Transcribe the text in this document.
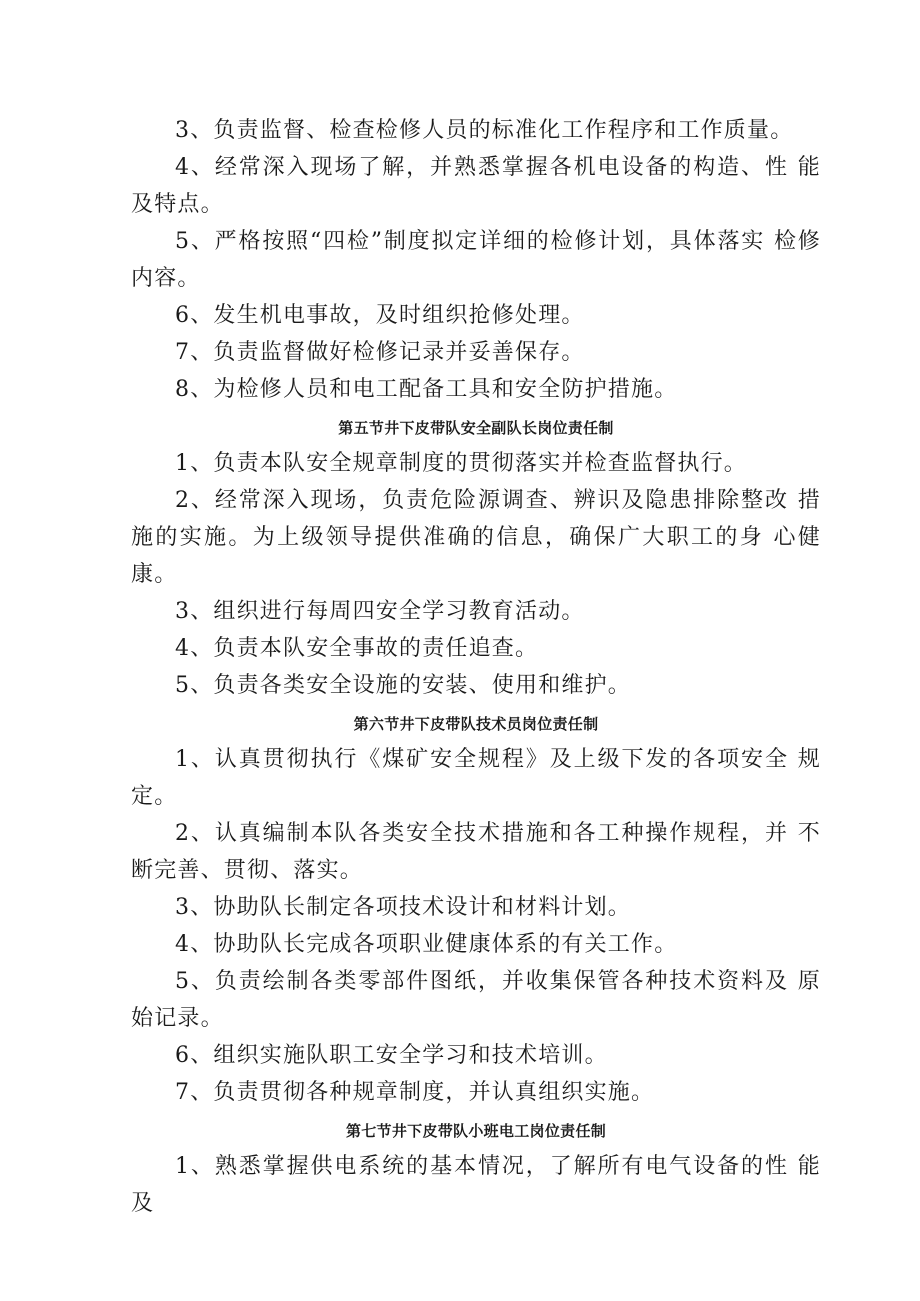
3、负责监督、检查检修人员的标准化工作程序和工作质量。

4、经常深入现场了解，并熟悉掌握各机电设备的构造、性 能及特点。

5、严格按照“四检”制度拟定详细的检修计划，具体落实 检修内容。

6、发生机电事故，及时组织抢修处理。

7、负责监督做好检修记录并妥善保存。

8、为检修人员和电工配备工具和安全防护措施。

第五节井下皮带队安全副队长岗位责任制

1、负责本队安全规章制度的贯彻落实并检查监督执行。

2、经常深入现场，负责危险源调查、辨识及隐患排除整改 措施的实施。为上级领导提供准确的信息，确保广大职工的身 心健康。

3、组织进行每周四安全学习教育活动。

4、负责本队安全事故的责任追查。

5、负责各类安全设施的安装、使用和维护。

第六节井下皮带队技术员岗位责任制

1、认真贯彻执行《煤矿安全规程》及上级下发的各项安全 规定。

2、认真编制本队各类安全技术措施和各工种操作规程，并 不断完善、贯彻、落实。

3、协助队长制定各项技术设计和材料计划。

4、协助队长完成各项职业健康体系的有关工作。

5、负责绘制各类零部件图纸，并收集保管各种技术资料及 原始记录。

6、组织实施队职工安全学习和技术培训。

7、负责贯彻各种规章制度，并认真组织实施。

第七节井下皮带队小班电工岗位责任制

1、熟悉掌握供电系统的基本情况，了解所有电气设备的性 能及
